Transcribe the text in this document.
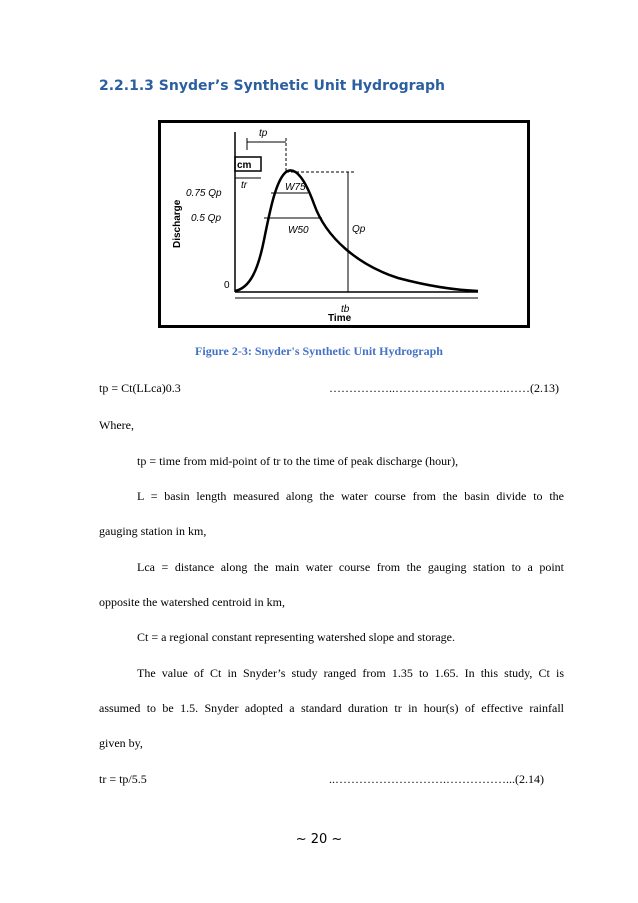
2.2.1.3 Snyder’s Synthetic Unit Hydrograph
tp
cm
tr
0.75 Qp
0.5 Qp
W75
W50	Qp
0
tb
Time
Discharge
Figure 2-3: Snyder's Synthetic Unit Hydrograph
tp = Ct(LLca)0.3	……………..……………………….……(2.13)
Where,
tp = time from mid-point of tr to the time of peak discharge (hour),
L = basin length measured along the water course from the basin divide to the
gauging station in km,
Lca = distance along the main water course from the gauging station to a point
opposite the watershed centroid in km,
Ct = a regional constant representing watershed slope and storage.
The value of Ct in Snyder’s study ranged from 1.35 to 1.65. In this study, Ct is
assumed to be 1.5. Snyder adopted a standard duration tr in hour(s) of effective rainfall
given by,
tr = tp/5.5	..……………………….……………...(2.14)
~ 20 ~
